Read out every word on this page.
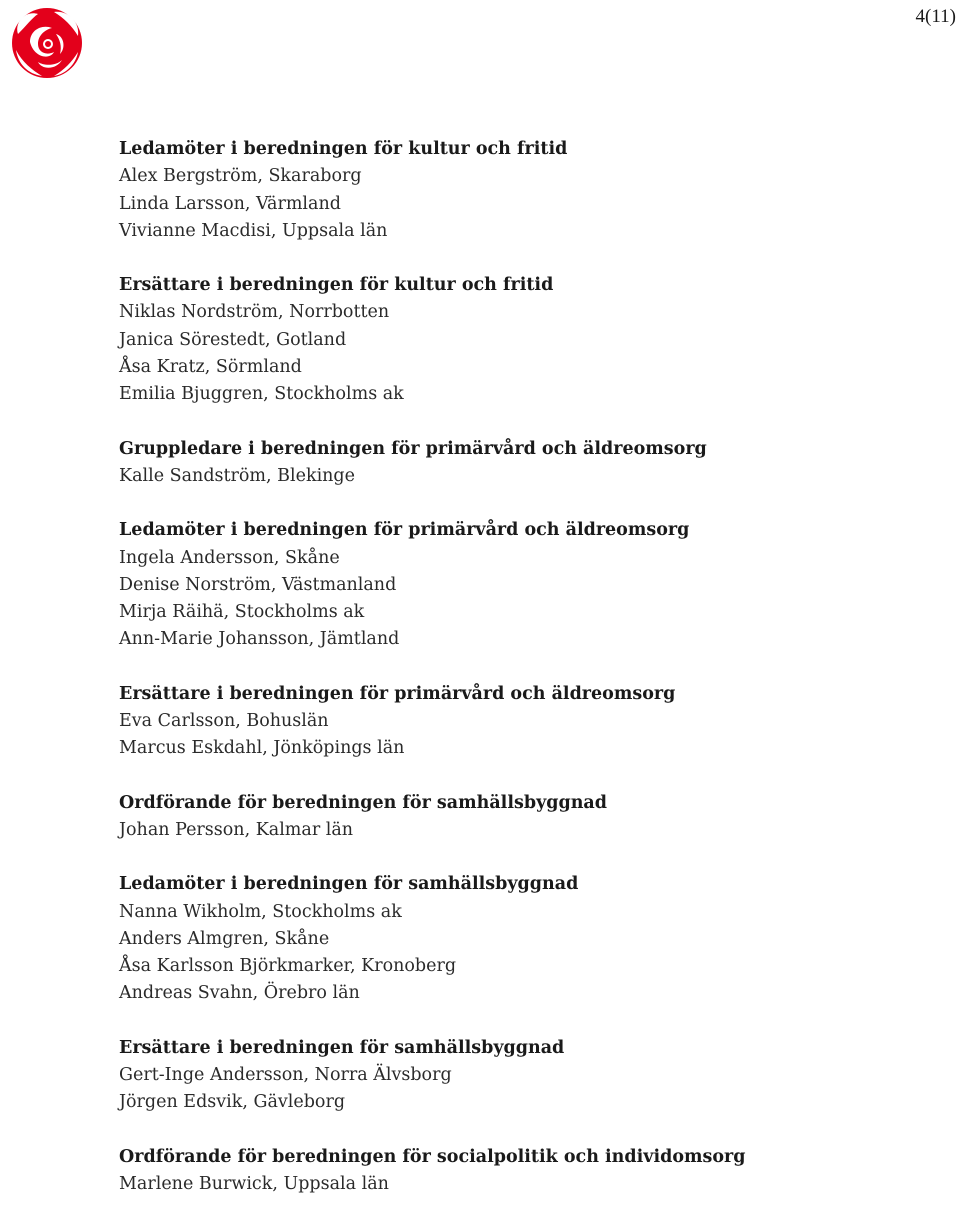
4(11)
Ledamöter i beredningen för kultur och fritid
Alex Bergström, Skaraborg
Linda Larsson, Värmland
Vivianne Macdisi, Uppsala län
Ersättare i beredningen för kultur och fritid
Niklas Nordström, Norrbotten
Janica Sörestedt, Gotland
Åsa Kratz, Sörmland
Emilia Bjuggren, Stockholms ak
Gruppledare i beredningen för primärvård och äldreomsorg
Kalle Sandström, Blekinge
Ledamöter i beredningen för primärvård och äldreomsorg
Ingela Andersson, Skåne
Denise Norström, Västmanland
Mirja Räihä, Stockholms ak
Ann-Marie Johansson, Jämtland
Ersättare i beredningen för primärvård och äldreomsorg
Eva Carlsson, Bohuslän
Marcus Eskdahl, Jönköpings län
Ordförande för beredningen för samhällsbyggnad
Johan Persson, Kalmar län
Ledamöter i beredningen för samhällsbyggnad
Nanna Wikholm, Stockholms ak
Anders Almgren, Skåne
Åsa Karlsson Björkmarker, Kronoberg
Andreas Svahn, Örebro län
Ersättare i beredningen för samhällsbyggnad
Gert-Inge Andersson, Norra Älvsborg
Jörgen Edsvik, Gävleborg
Ordförande för beredningen för socialpolitik och individomsorg
Marlene Burwick, Uppsala län
